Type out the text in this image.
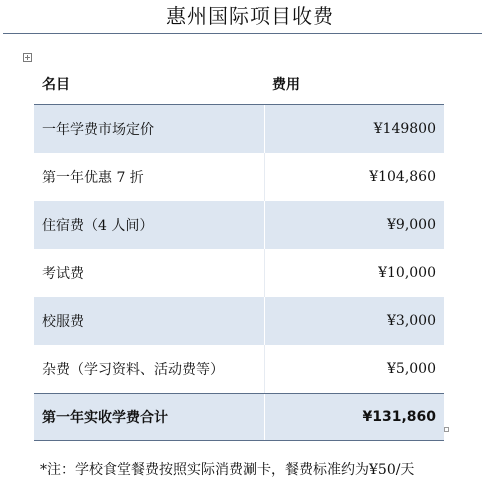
惠州国际项目收费
名目	费用
一年学费市场定价	¥149800
第一年优惠 7 折	¥104,860
住宿费（4 人间）	¥9,000
考试费	¥10,000
校服费	¥3,000
杂费（学习资料、活动费等）	¥5,000
第一年实收学费合计	¥131,860
*注：学校食堂餐费按照实际消费涮卡，餐费标准约为¥50/天
